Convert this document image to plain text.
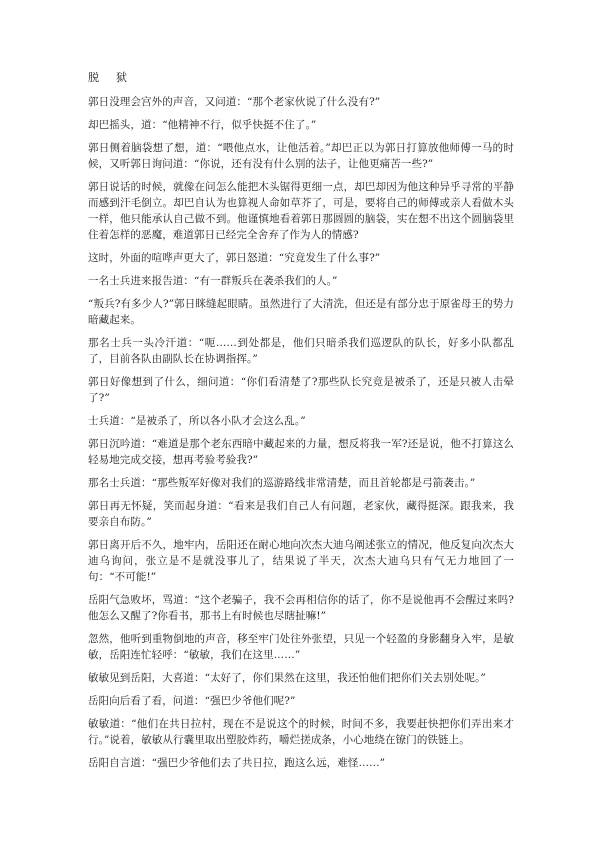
脱 狱

郭日没理会宫外的声音，又问道：“那个老家伙说了什么没有?”

却巴摇头，道：“他精神不行，似乎快挺不住了。”

郭日侧着脑袋想了想，道：“喂他点水，让他活着。”却巴正以为郭日打算放他师傅一马的时候，又听郭日询问道：“你说，还有没有什么别的法子，让他更痛苦一些?”

郭日说话的时候，就像在问怎么能把木头锯得更细一点，却巴却因为他这种异乎寻常的平静而感到汗毛倒立。却巴自认为也算视人命如草芥了，可是，要将自己的师傅或亲人看做木头一样，他只能承认自己做不到。他谨慎地看着郭日那圆圆的脑袋，实在想不出这个圆脑袋里住着怎样的恶魔，难道郭日已经完全舍弃了作为人的情感?

这时，外面的喧哗声更大了，郭日怒道：“究竟发生了什么事?”

一名士兵进来报告道：“有一群叛兵在袭杀我们的人。”

“叛兵?有多少人?”郭日眯缝起眼睛。虽然进行了大清洗，但还是有部分忠于原雀母王的势力暗藏起来。

那名士兵一头冷汗道：“呃……到处都是，他们只暗杀我们巡逻队的队长，好多小队都乱了，目前各队由副队长在协调指挥。”

郭日好像想到了什么，细问道：“你们看清楚了?那些队长究竟是被杀了，还是只被人击晕了?”

士兵道：“是被杀了，所以各小队才会这么乱。”

郭日沉吟道：“难道是那个老东西暗中藏起来的力量，想反将我一军?还是说，他不打算这么轻易地完成交接，想再考验考验我?”

那名士兵道：“那些叛军好像对我们的巡游路线非常清楚，而且首轮都是弓箭袭击。”

郭日再无怀疑，笑而起身道：“看来是我们自己人有问题，老家伙，藏得挺深。跟我来，我要亲自布防。”

郭日离开后不久，地牢内，岳阳还在耐心地向次杰大迪乌阐述张立的情况，他反复向次杰大迪乌询问，张立是不是就没事儿了，结果说了半天，次杰大迪乌只有气无力地回了一句：“不可能!”

岳阳气急败坏，骂道：“这个老骗子，我不会再相信你的话了，你不是说他再不会醒过来吗?他怎么又醒了?你看书，那书上有时候也尽瞎扯嘛!”

忽然，他听到重物倒地的声音，移至牢门处往外张望，只见一个轻盈的身影翻身入牢，是敏敏，岳阳连忙轻呼：“敏敏，我们在这里……”

敏敏见到岳阳，大喜道：“太好了，你们果然在这里，我还怕他们把你们关去别处呢。”

岳阳向后看了看，问道：“强巴少爷他们呢?”

敏敏道：“他们在共日拉村，现在不是说这个的时候，时间不多，我要赶快把你们弄出来才行。”说着，敏敏从行囊里取出塑胶炸药，嚼烂搓成条，小心地绕在镣门的铁链上。

岳阳自言道：“强巴少爷他们去了共日拉，跑这么远，难怪……”
